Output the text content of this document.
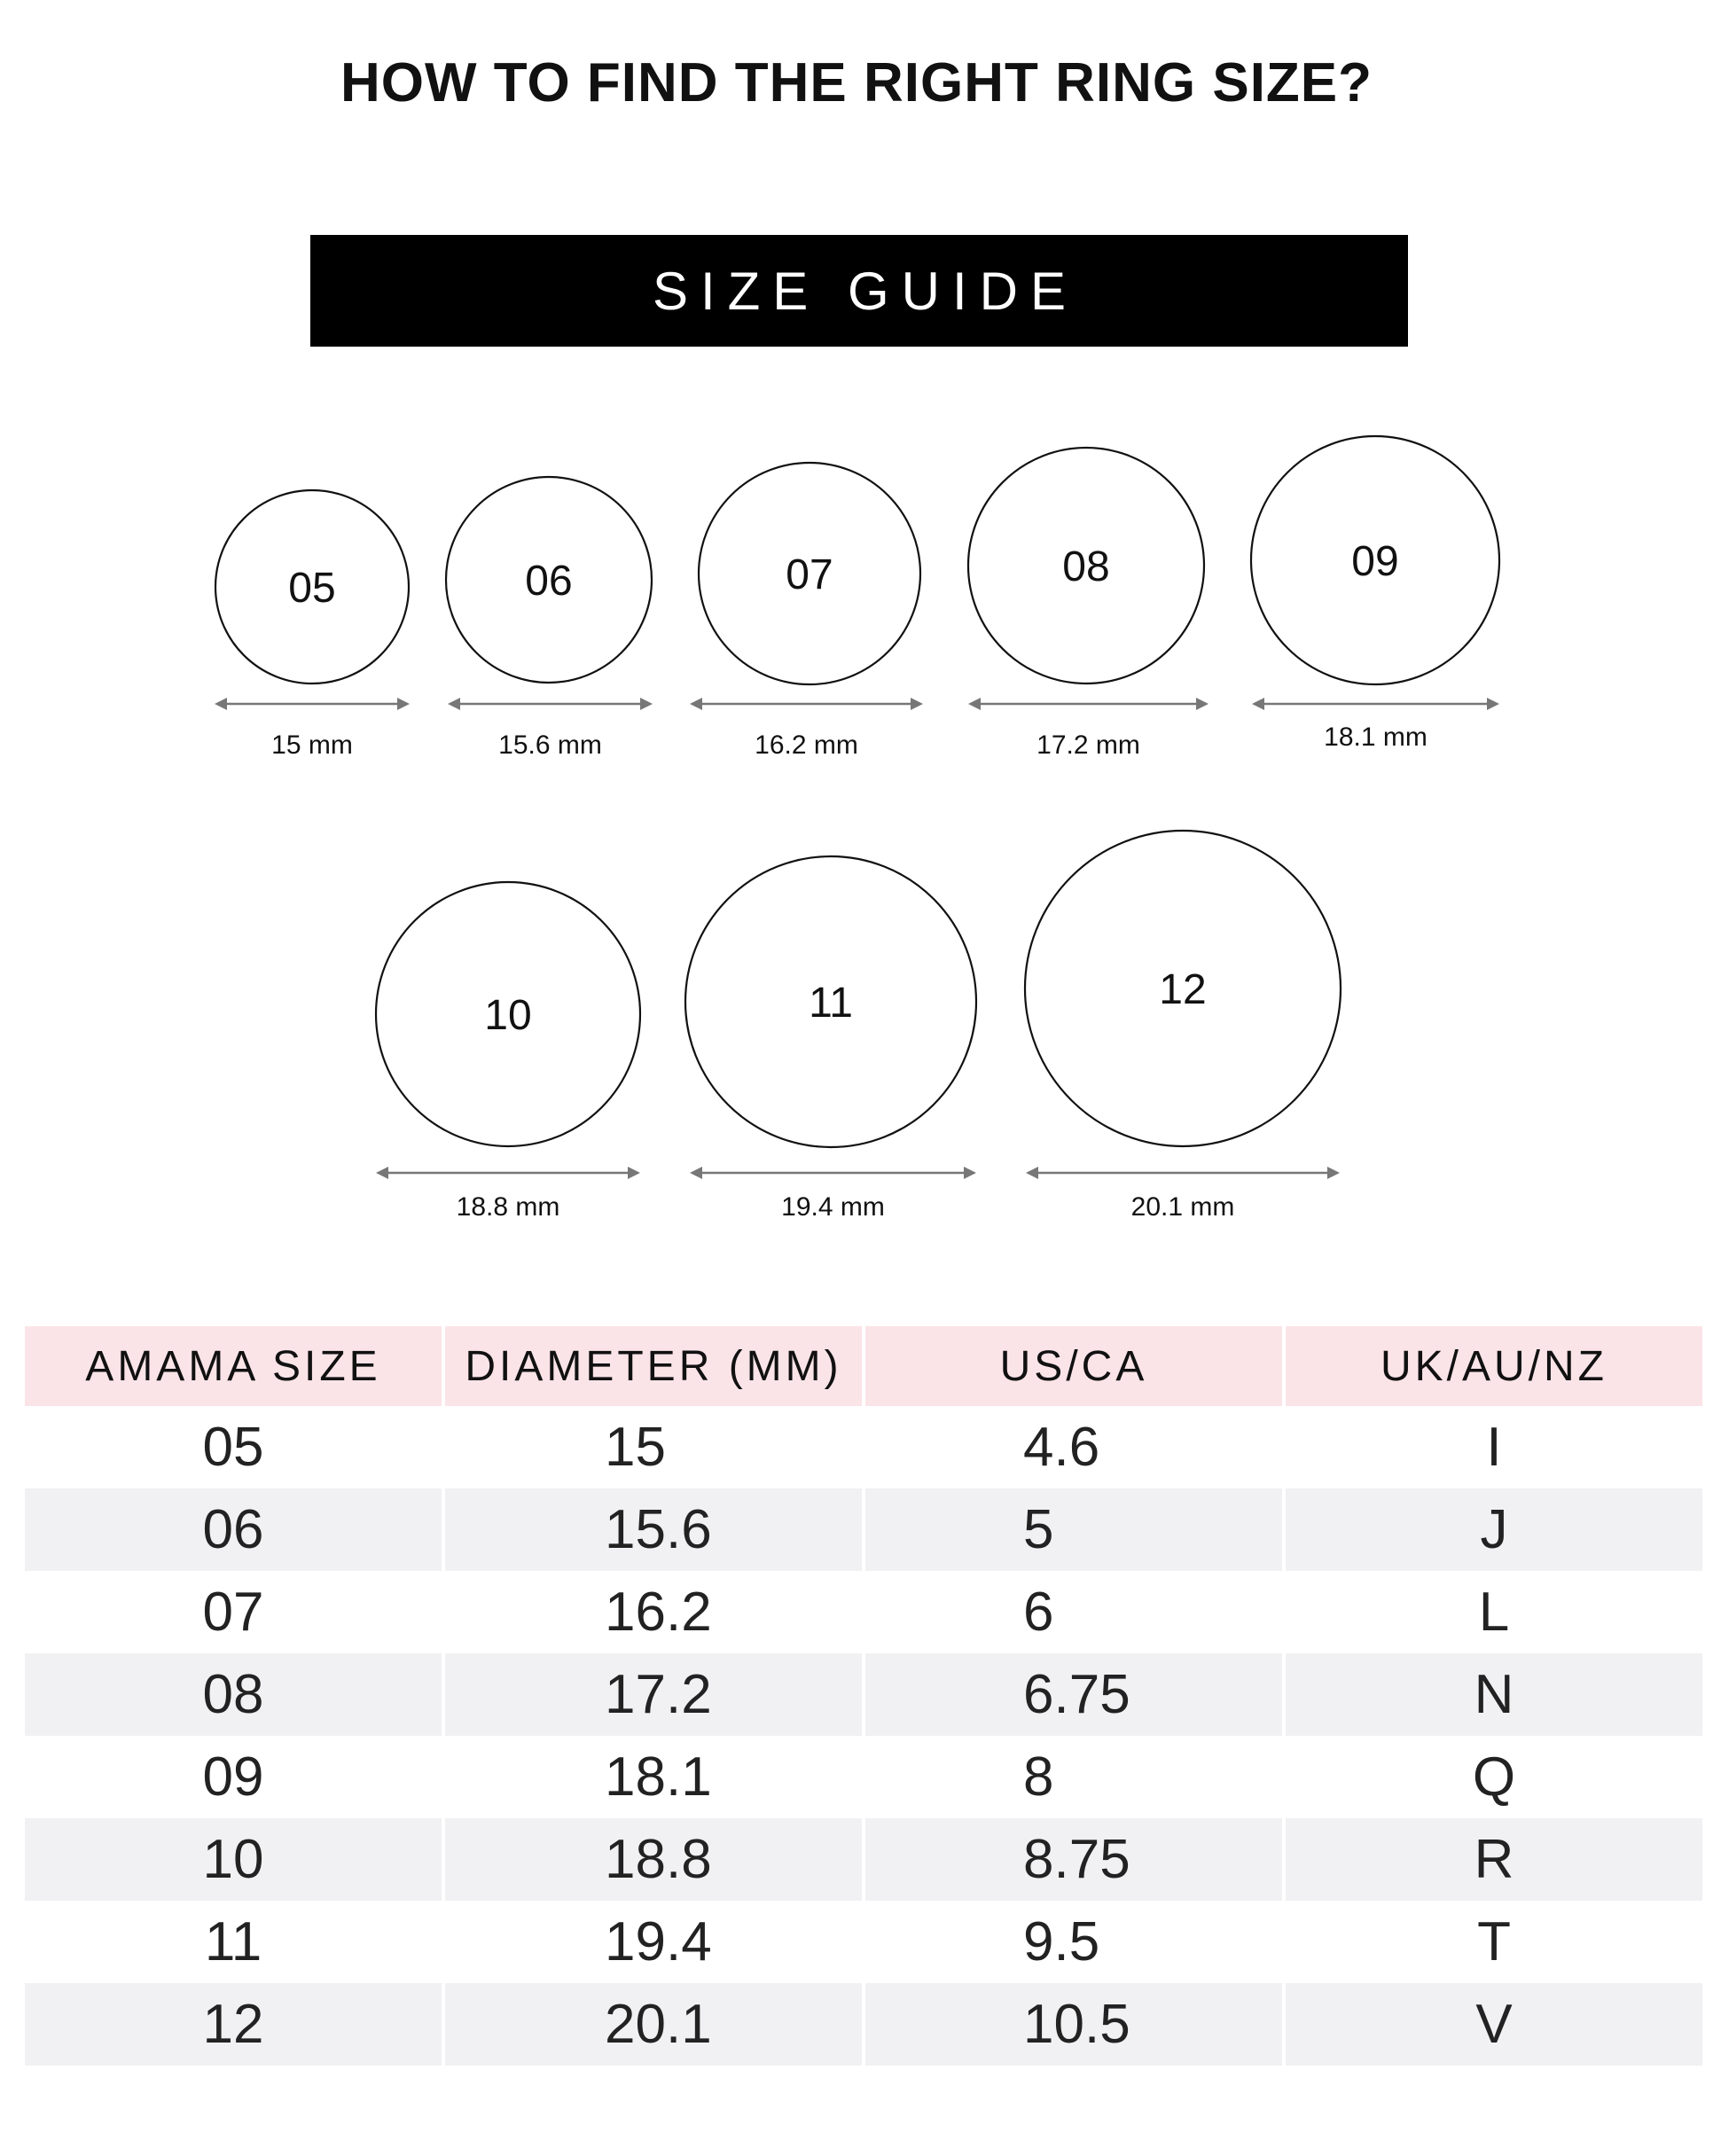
HOW TO FIND THE RIGHT RING SIZE?
SIZE GUIDE
05
15 mm
06
15.6 mm
07
16.2 mm
08
17.2 mm
09
18.1 mm
10
18.8 mm
11
19.4 mm
12
20.1 mm
AMAMA SIZE	DIAMETER (MM)	US/CA	UK/AU/NZ
05	15	4.6	I
06	15.6	5	J
07	16.2	6	L
08	17.2	6.75	N
09	18.1	8	Q
10	18.8	8.75	R
11	19.4	9.5	T
12	20.1	10.5	V
